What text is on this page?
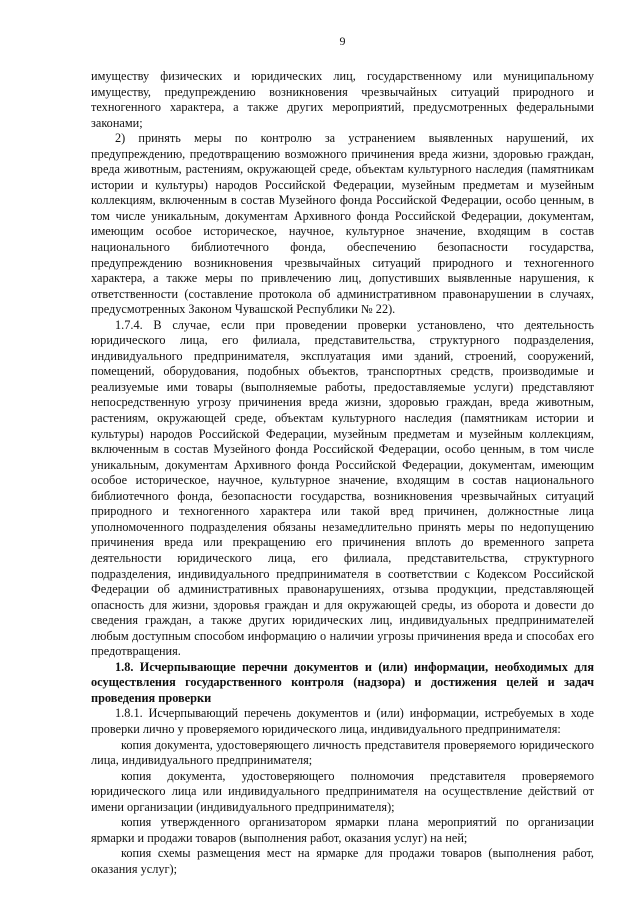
9

имуществу физических и юридических лиц, государственному или муниципальному имуществу, предупреждению возникновения чрезвычайных ситуаций природного и техногенного характера, а также других мероприятий, предусмотренных федеральными законами;

2) принять меры по контролю за устранением выявленных нарушений, их предупреждению, предотвращению возможного причинения вреда жизни, здоровью граждан, вреда животным, растениям, окружающей среде, объектам культурного наследия (памятникам истории и культуры) народов Российской Федерации, музейным предметам и музейным коллекциям, включенным в состав Музейного фонда Российской Федерации, особо ценным, в том числе уникальным, документам Архивного фонда Российской Федерации, документам, имеющим особое историческое, научное, культурное значение, входящим в состав национального библиотечного фонда, обеспечению безопасности государства, предупреждению возникновения чрезвычайных ситуаций природного и техногенного характера, а также меры по привлечению лиц, допустивших выявленные нарушения, к ответственности (составление протокола об административном правонарушении в случаях, предусмотренных Законом Чувашской Республики № 22).

1.7.4. В случае, если при проведении проверки установлено, что деятельность юридического лица, его филиала, представительства, структурного подразделения, индивидуального предпринимателя, эксплуатация ими зданий, строений, сооружений, помещений, оборудования, подобных объектов, транспортных средств, производимые и реализуемые ими товары (выполняемые работы, предоставляемые услуги) представляют непосредственную угрозу причинения вреда жизни, здоровью граждан, вреда животным, растениям, окружающей среде, объектам культурного наследия (памятникам истории и культуры) народов Российской Федерации, музейным предметам и музейным коллекциям, включенным в состав Музейного фонда Российской Федерации, особо ценным, в том числе уникальным, документам Архивного фонда Российской Федерации, документам, имеющим особое историческое, научное, культурное значение, входящим в состав национального библиотечного фонда, безопасности государства, возникновения чрезвычайных ситуаций природного и техногенного характера или такой вред причинен, должностные лица уполномоченного подразделения обязаны незамедлительно принять меры по недопущению причинения вреда или прекращению его причинения вплоть до временного запрета деятельности юридического лица, его филиала, представительства, структурного подразделения, индивидуального предпринимателя в соответствии с Кодексом Российской Федерации об административных правонарушениях, отзыва продукции, представляющей опасность для жизни, здоровья граждан и для окружающей среды, из оборота и довести до сведения граждан, а также других юридических лиц, индивидуальных предпринимателей любым доступным способом информацию о наличии угрозы причинения вреда и способах его предотвращения.

1.8. Исчерпывающие перечни документов и (или) информации, необходимых для осуществления государственного контроля (надзора) и достижения целей и задач проведения проверки

1.8.1. Исчерпывающий перечень документов и (или) информации, истребуемых в ходе проверки лично у проверяемого юридического лица, индивидуального предпринимателя:

копия документа, удостоверяющего личность представителя проверяемого юридического лица, индивидуального предпринимателя;

копия документа, удостоверяющего полномочия представителя проверяемого юридического лица или индивидуального предпринимателя на осуществление действий от имени организации (индивидуального предпринимателя);

копия утвержденного организатором ярмарки плана мероприятий по организации ярмарки и продажи товаров (выполнения работ, оказания услуг) на ней;

копия схемы размещения мест на ярмарке для продажи товаров (выполнения работ, оказания услуг);
